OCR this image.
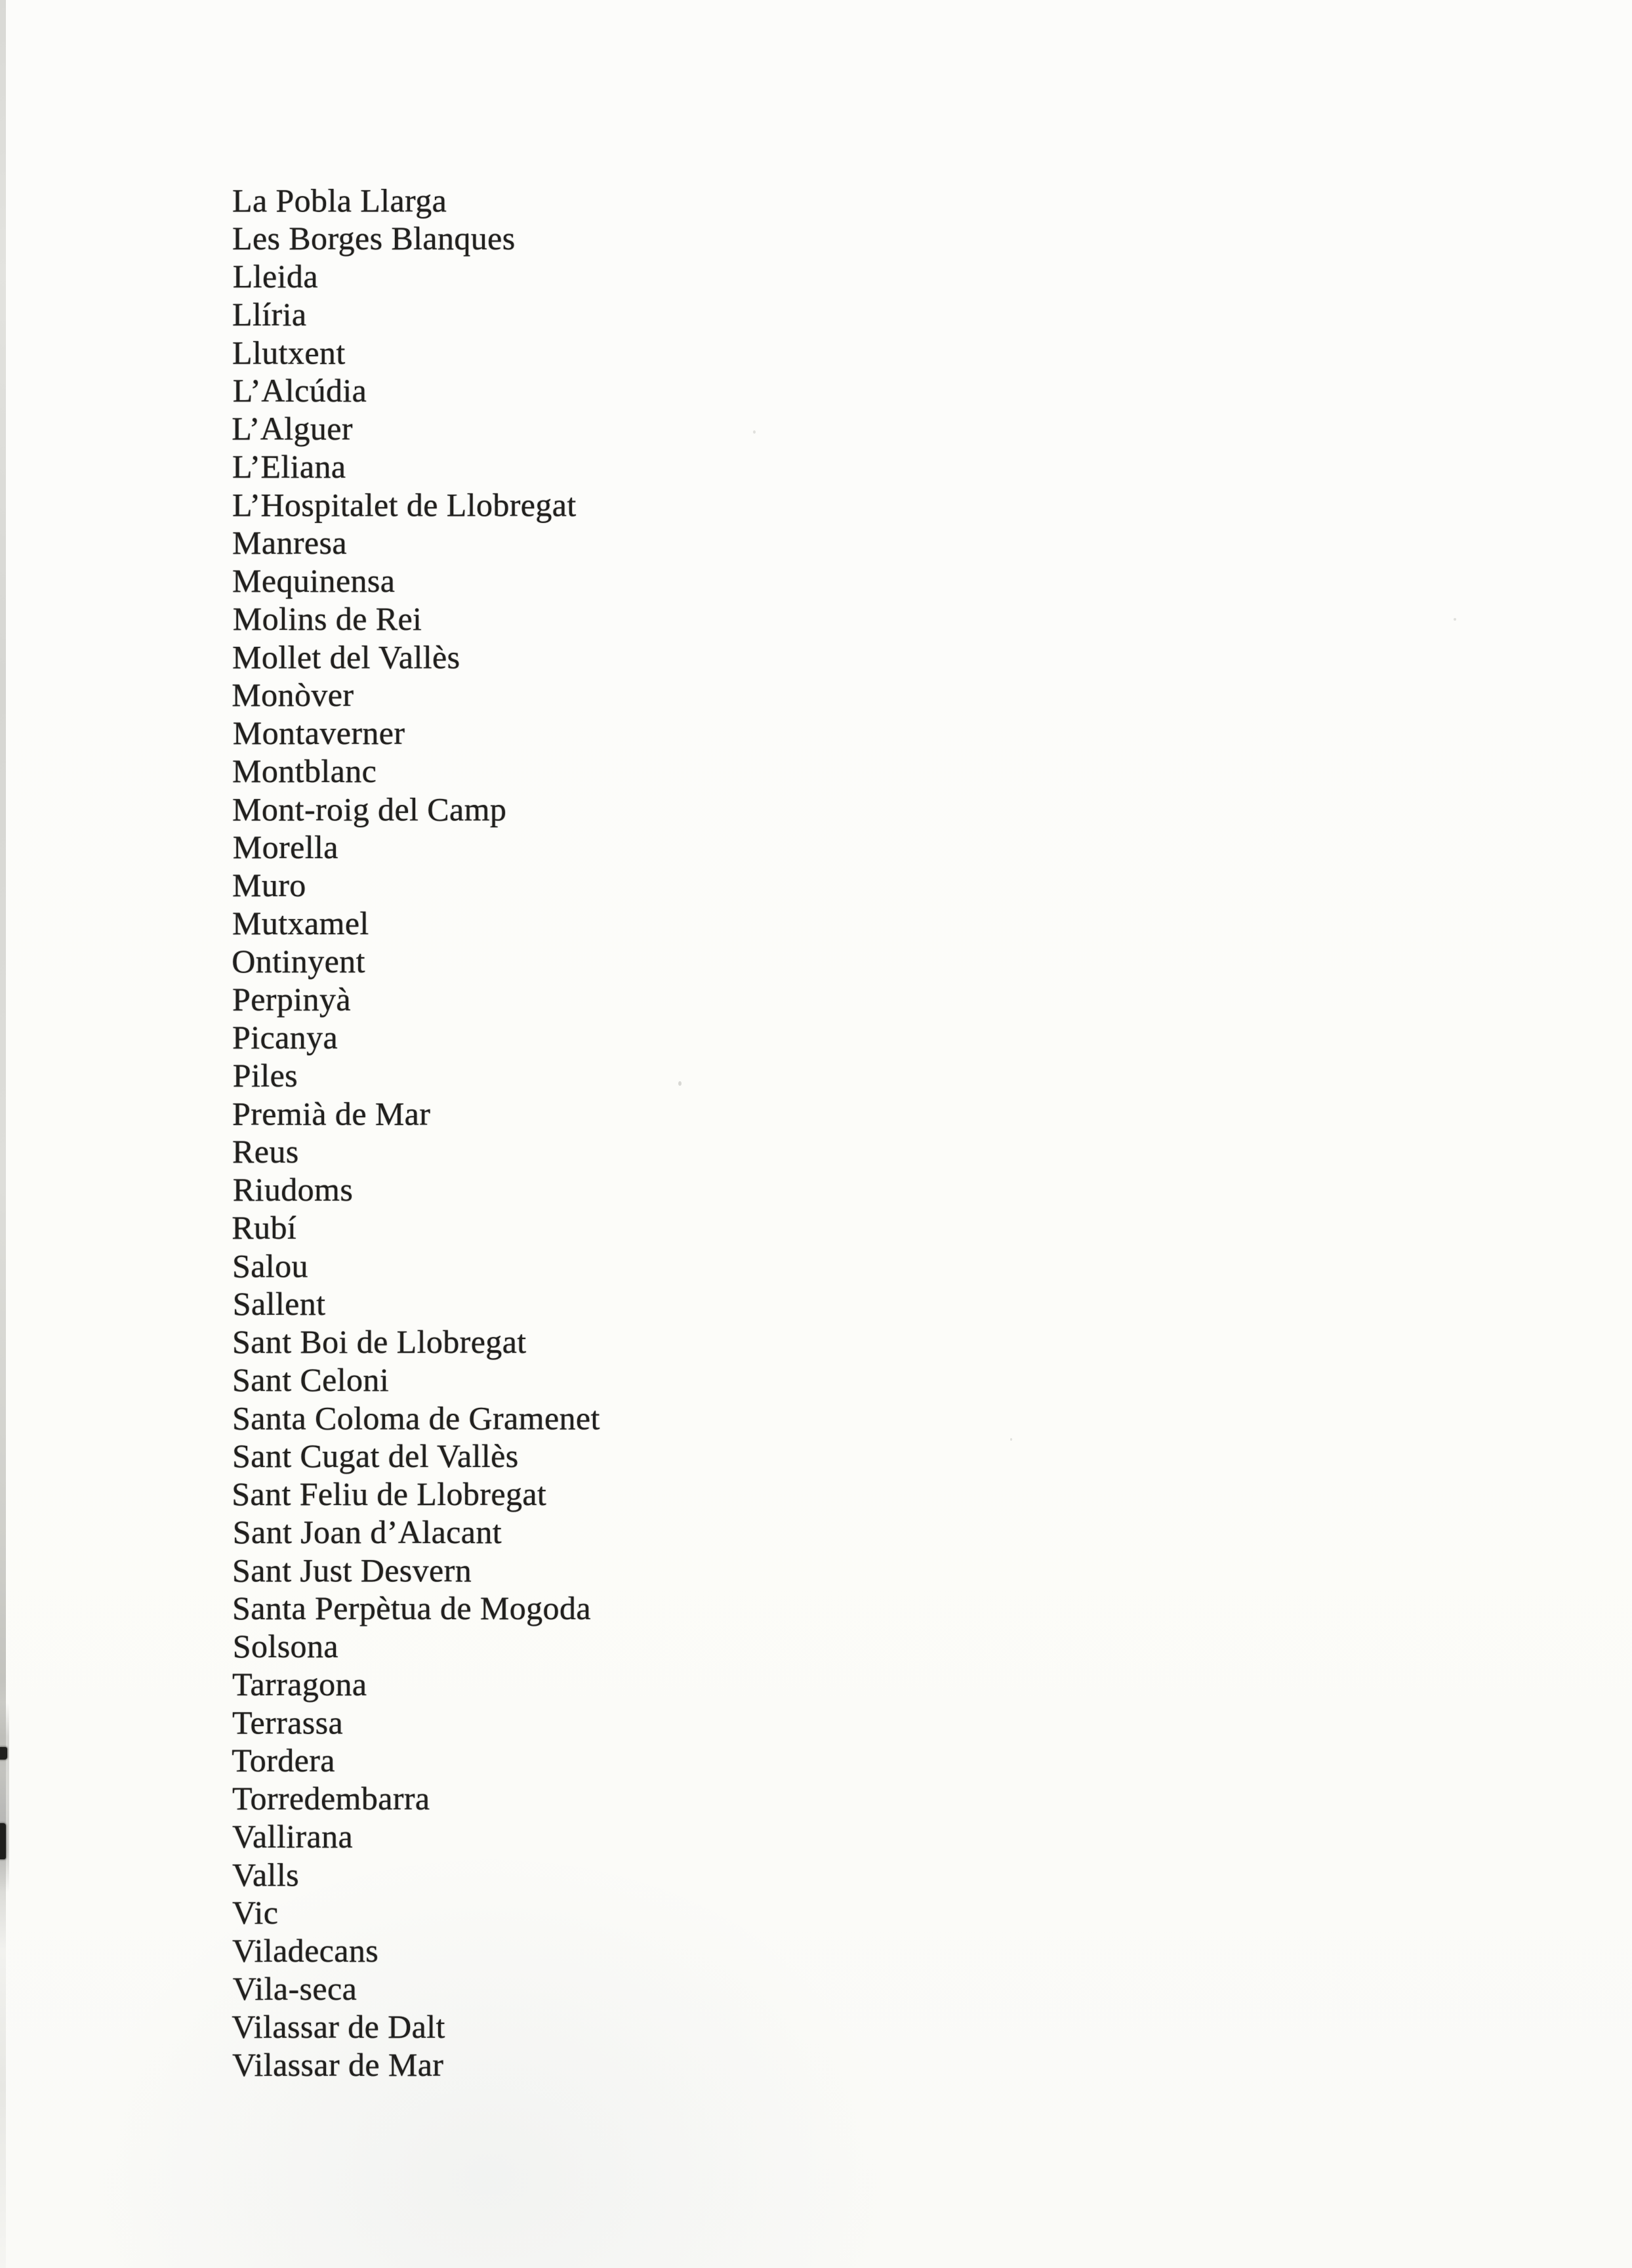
La Pobla Llarga
Les Borges Blanques
Lleida
Llíria
Llutxent
L’Alcúdia
L’Alguer
L’Eliana
L’Hospitalet de Llobregat
Manresa
Mequinensa
Molins de Rei
Mollet del Vallès
Monòver
Montaverner
Montblanc
Mont-roig del Camp
Morella
Muro
Mutxamel
Ontinyent
Perpinyà
Picanya
Piles
Premià de Mar
Reus
Riudoms
Rubí
Salou
Sallent
Sant Boi de Llobregat
Sant Celoni
Santa Coloma de Gramenet
Sant Cugat del Vallès
Sant Feliu de Llobregat
Sant Joan d’Alacant
Sant Just Desvern
Santa Perpètua de Mogoda
Solsona
Tarragona
Terrassa
Tordera
Torredembarra
Vallirana
Valls
Vic
Viladecans
Vila-seca
Vilassar de Dalt
Vilassar de Mar
